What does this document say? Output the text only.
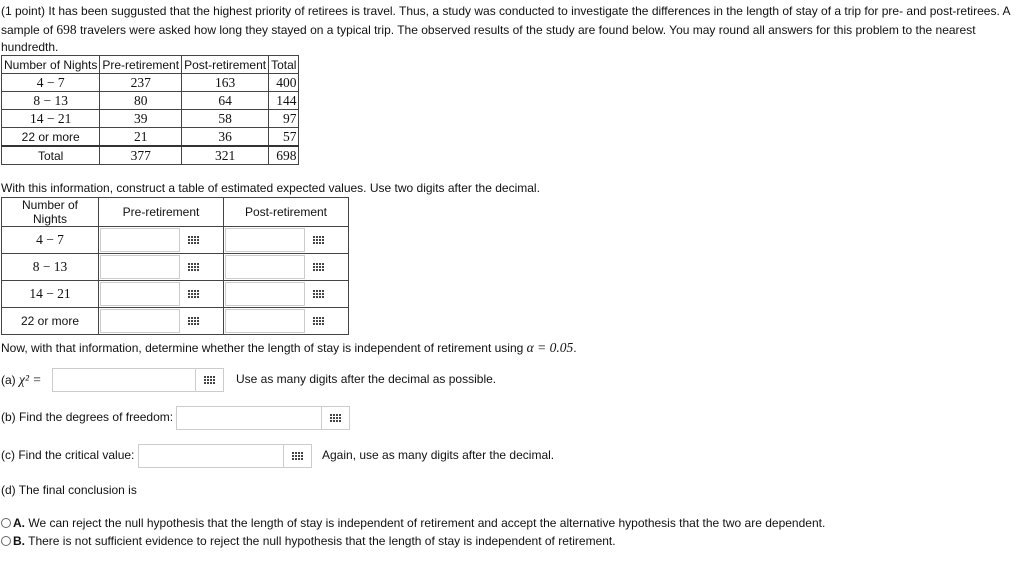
(1 point) It has been suggusted that the highest priority of retirees is travel. Thus, a study was conducted to investigate the differences in the length of stay of a trip for pre- and post-retirees. A sample of 698 travelers were asked how long they stayed on a typical trip. The observed results of the study are found below. You may round all answers for this problem to the nearest hundredth.
Number of Nights	Pre-retirement	Post-retirement	Total
4 − 7	237	163	400
8 − 13	80	64	144
14 − 21	39	58	97
22 or more	21	36	57
Total	377	321	698
With this information, construct a table of estimated expected values. Use two digits after the decimal.
Number of Nights	Pre-retirement	Post-retirement
4 − 7	

8 − 13	

14 − 21	

22 or more	

Now, with that information, determine whether the length of stay is independent of retirement using α = 0.05.
(a) χ² =	Use as many digits after the decimal as possible.
(b) Find the degrees of freedom:
(c) Find the critical value:	Again, use as many digits after the decimal.
(d) The final conclusion is
A. We can reject the null hypothesis that the length of stay is independent of retirement and accept the alternative hypothesis that the two are dependent.
B. There is not sufficient evidence to reject the null hypothesis that the length of stay is independent of retirement.
